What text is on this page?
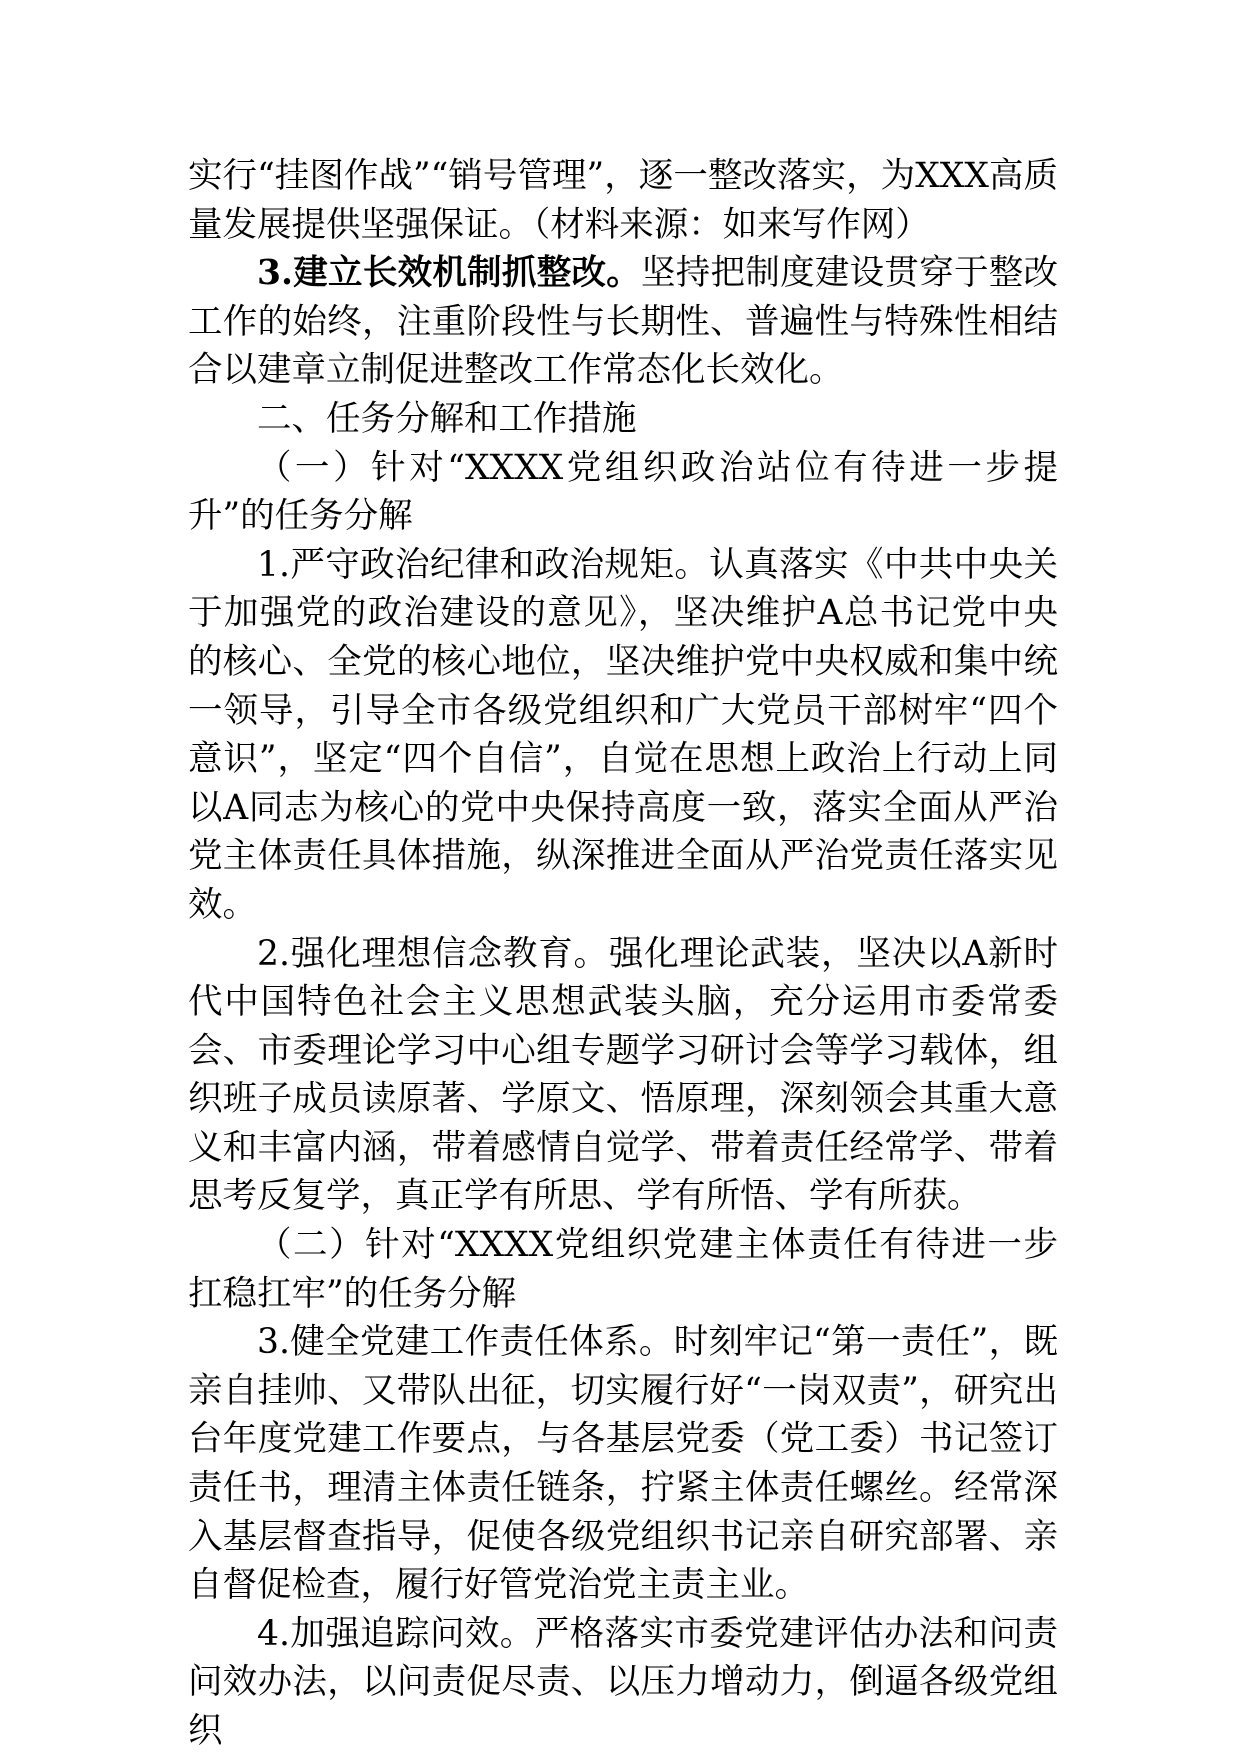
实行“挂图作战”“销号管理”，逐一整改落实，为XXX高质量发展提供坚强保证。（材料来源：如来写作网）

3.建立长效机制抓整改。坚持把制度建设贯穿于整改工作的始终，注重阶段性与长期性、普遍性与特殊性相结合以建章立制促进整改工作常态化长效化。

二、任务分解和工作措施

（一）针对“XXXX党组织政治站位有待进一步提升”的任务分解

1.严守政治纪律和政治规矩。认真落实《中共中央关于加强党的政治建设的意见》，坚决维护A总书记党中央的核心、全党的核心地位，坚决维护党中央权威和集中统一领导，引导全市各级党组织和广大党员干部树牢“四个意识”，坚定“四个自信”，自觉在思想上政治上行动上同以A同志为核心的党中央保持高度一致，落实全面从严治党主体责任具体措施，纵深推进全面从严治党责任落实见效。

2.强化理想信念教育。强化理论武装，坚决以A新时代中国特色社会主义思想武装头脑，充分运用市委常委会、市委理论学习中心组专题学习研讨会等学习载体，组织班子成员读原著、学原文、悟原理，深刻领会其重大意义和丰富内涵，带着感情自觉学、带着责任经常学、带着思考反复学，真正学有所思、学有所悟、学有所获。

（二）针对“XXXX党组织党建主体责任有待进一步扛稳扛牢”的任务分解

3.健全党建工作责任体系。时刻牢记“第一责任”，既亲自挂帅、又带队出征，切实履行好“一岗双责”，研究出台年度党建工作要点，与各基层党委（党工委）书记签订责任书，理清主体责任链条，拧紧主体责任螺丝。经常深入基层督查指导，促使各级党组织书记亲自研究部署、亲自督促检查，履行好管党治党主责主业。

4.加强追踪问效。严格落实市委党建评估办法和问责问效办法，以问责促尽责、以压力增动力，倒逼各级党组织
